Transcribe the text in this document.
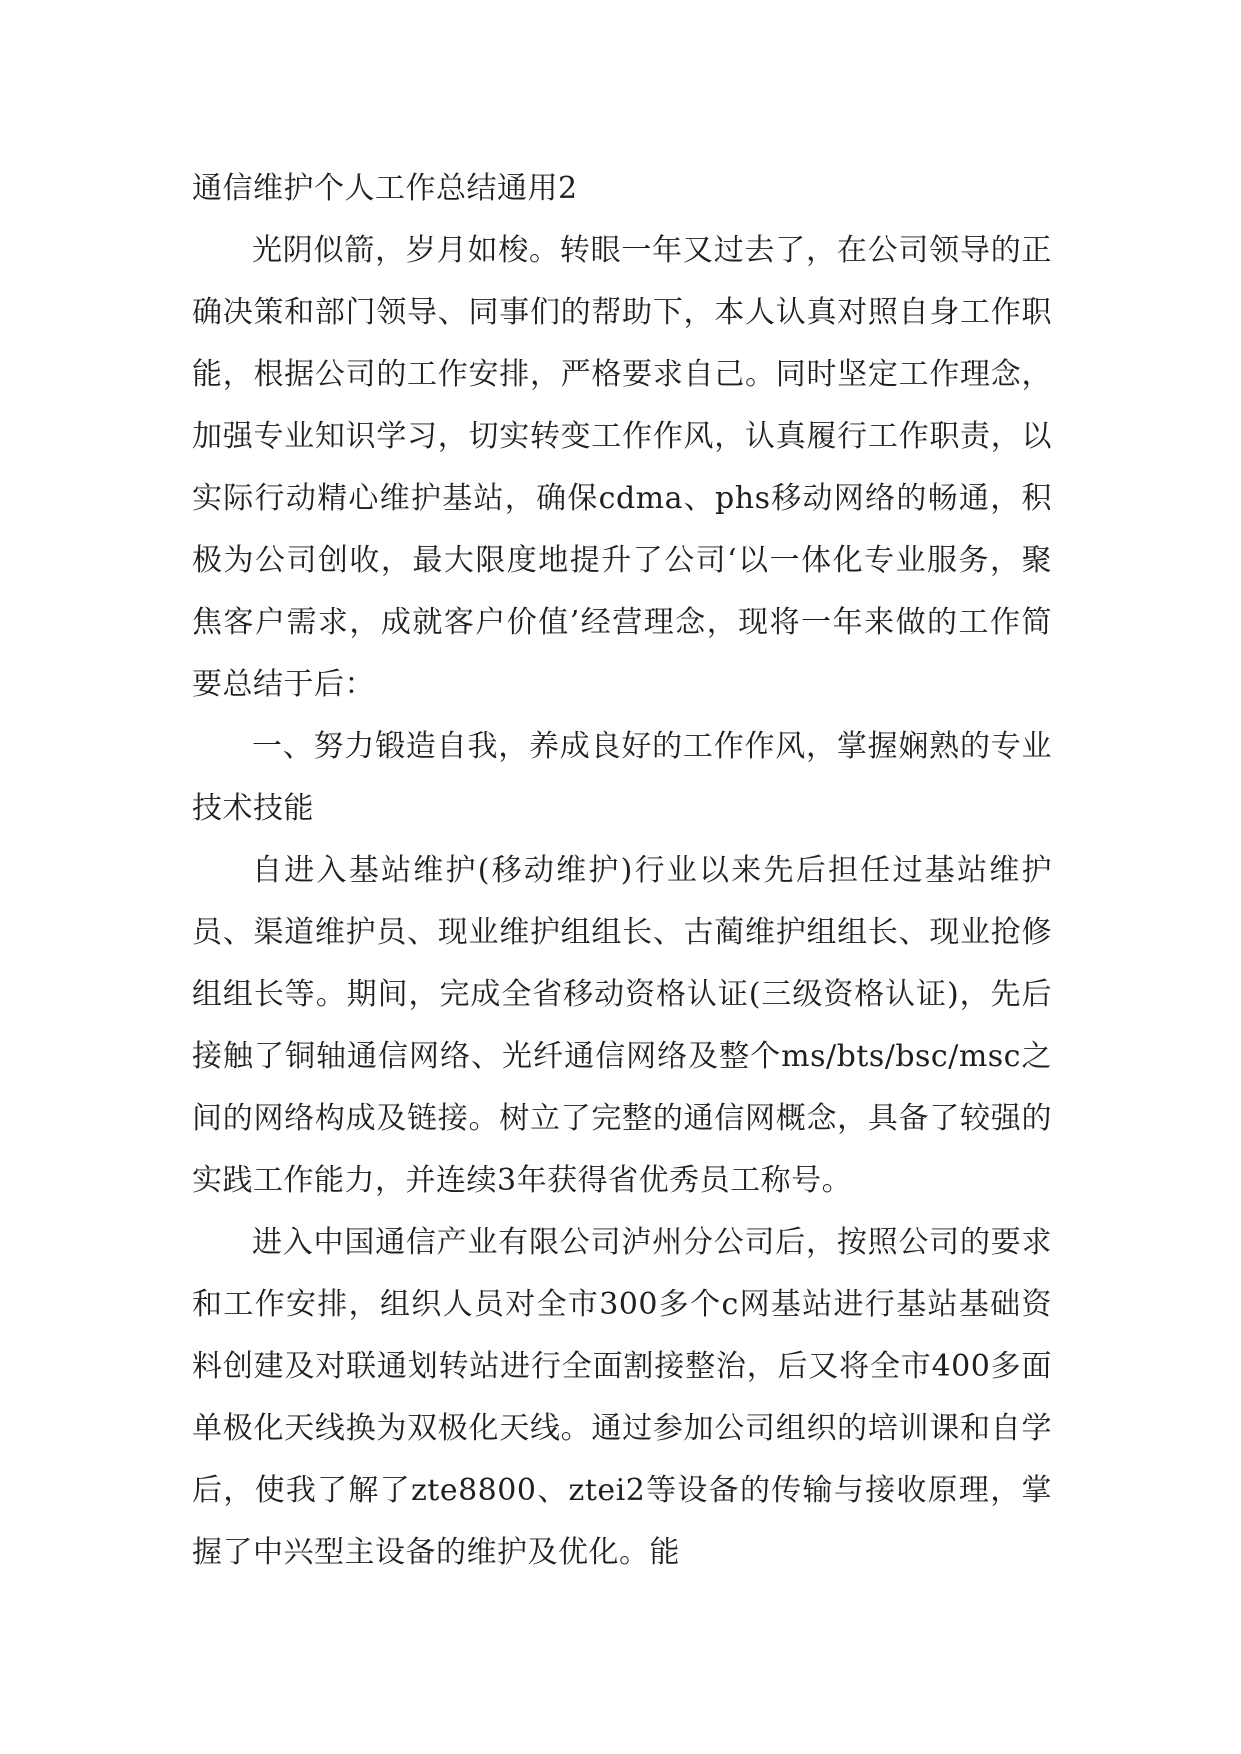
通信维护个人工作总结通用2

光阴似箭，岁月如梭。转眼一年又过去了，在公司领导的正确决策和部门领导、同事们的帮助下，本人认真对照自身工作职能，根据公司的工作安排，严格要求自己。同时坚定工作理念，加强专业知识学习，切实转变工作作风，认真履行工作职责，以实际行动精心维护基站，确保cdma、phs移动网络的畅通，积极为公司创收，最大限度地提升了公司‘以一体化专业服务，聚焦客户需求，成就客户价值’经营理念，现将一年来做的工作简要总结于后：

一、努力锻造自我，养成良好的工作作风，掌握娴熟的专业技术技能

自进入基站维护(移动维护)行业以来先后担任过基站维护员、渠道维护员、现业维护组组长、古蔺维护组组长、现业抢修组组长等。期间，完成全省移动资格认证(三级资格认证)，先后接触了铜轴通信网络、光纤通信网络及整个ms/bts/bsc/msc之间的网络构成及链接。树立了完整的通信网概念，具备了较强的实践工作能力，并连续3年获得省优秀员工称号。

进入中国通信产业有限公司泸州分公司后，按照公司的要求和工作安排，组织人员对全市300多个c网基站进行基站基础资料创建及对联通划转站进行全面割接整治，后又将全市400多面单极化天线换为双极化天线。通过参加公司组织的培训课和自学后，使我了解了zte8800、ztei2等设备的传输与接收原理，掌握了中兴型主设备的维护及优化。能
